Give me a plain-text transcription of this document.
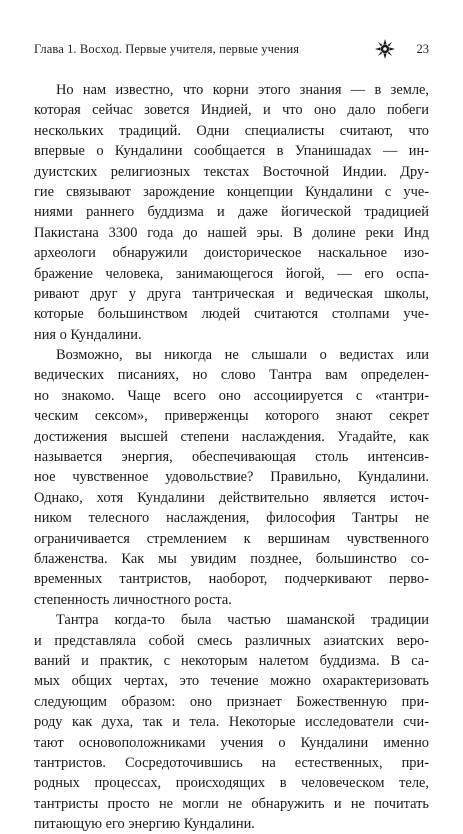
Глава 1. Восход. Первые учителя, первые учения	23
Но нам известно, что корни этого знания — в земле,
которая сейчас зовется Индией, и что оно дало побеги
нескольких традиций. Одни специалисты считают, что
впервые о Кундалини сообщается в Упанишадах — ин-
дуистских религиозных текстах Восточной Индии. Дру-
гие связывают зарождение концепции Кундалини с уче-
ниями раннего буддизма и даже йогической традицией
Пакистана 3300 года до нашей эры. В долине реки Инд
археологи обнаружили доисторическое наскальное изо-
бражение человека, занимающегося йогой, — его оспа-
ривают друг у друга тантрическая и ведическая школы,
которые большинством людей считаются столпами уче-
ния о Кундалини.
Возможно, вы никогда не слышали о ведистах или
ведических писаниях, но слово Тантра вам определен-
но знакомо. Чаще всего оно ассоциируется с «тантри-
ческим сексом», приверженцы которого знают секрет
достижения высшей степени наслаждения. Угадайте, как
называется энергия, обеспечивающая столь интенсив-
ное чувственное удовольствие? Правильно, Кундалини.
Однако, хотя Кундалини действительно является источ-
ником телесного наслаждения, философия Тантры не
ограничивается стремлением к вершинам чувственного
блаженства. Как мы увидим позднее, большинство со-
временных тантристов, наоборот, подчеркивают перво-
степенность личностного роста.
Тантра когда-то была частью шаманской традиции
и представляла собой смесь различных азиатских веро-
ваний и практик, с некоторым налетом буддизма. В са-
мых общих чертах, это течение можно охарактеризовать
следующим образом: оно признает Божественную при-
роду как духа, так и тела. Некоторые исследователи счи-
тают основоположниками учения о Кундалини именно
тантристов. Сосредоточившись на естественных, при-
родных процессах, происходящих в человеческом теле,
тантристы просто не могли не обнаружить и не почитать
питающую его энергию Кундалини.
